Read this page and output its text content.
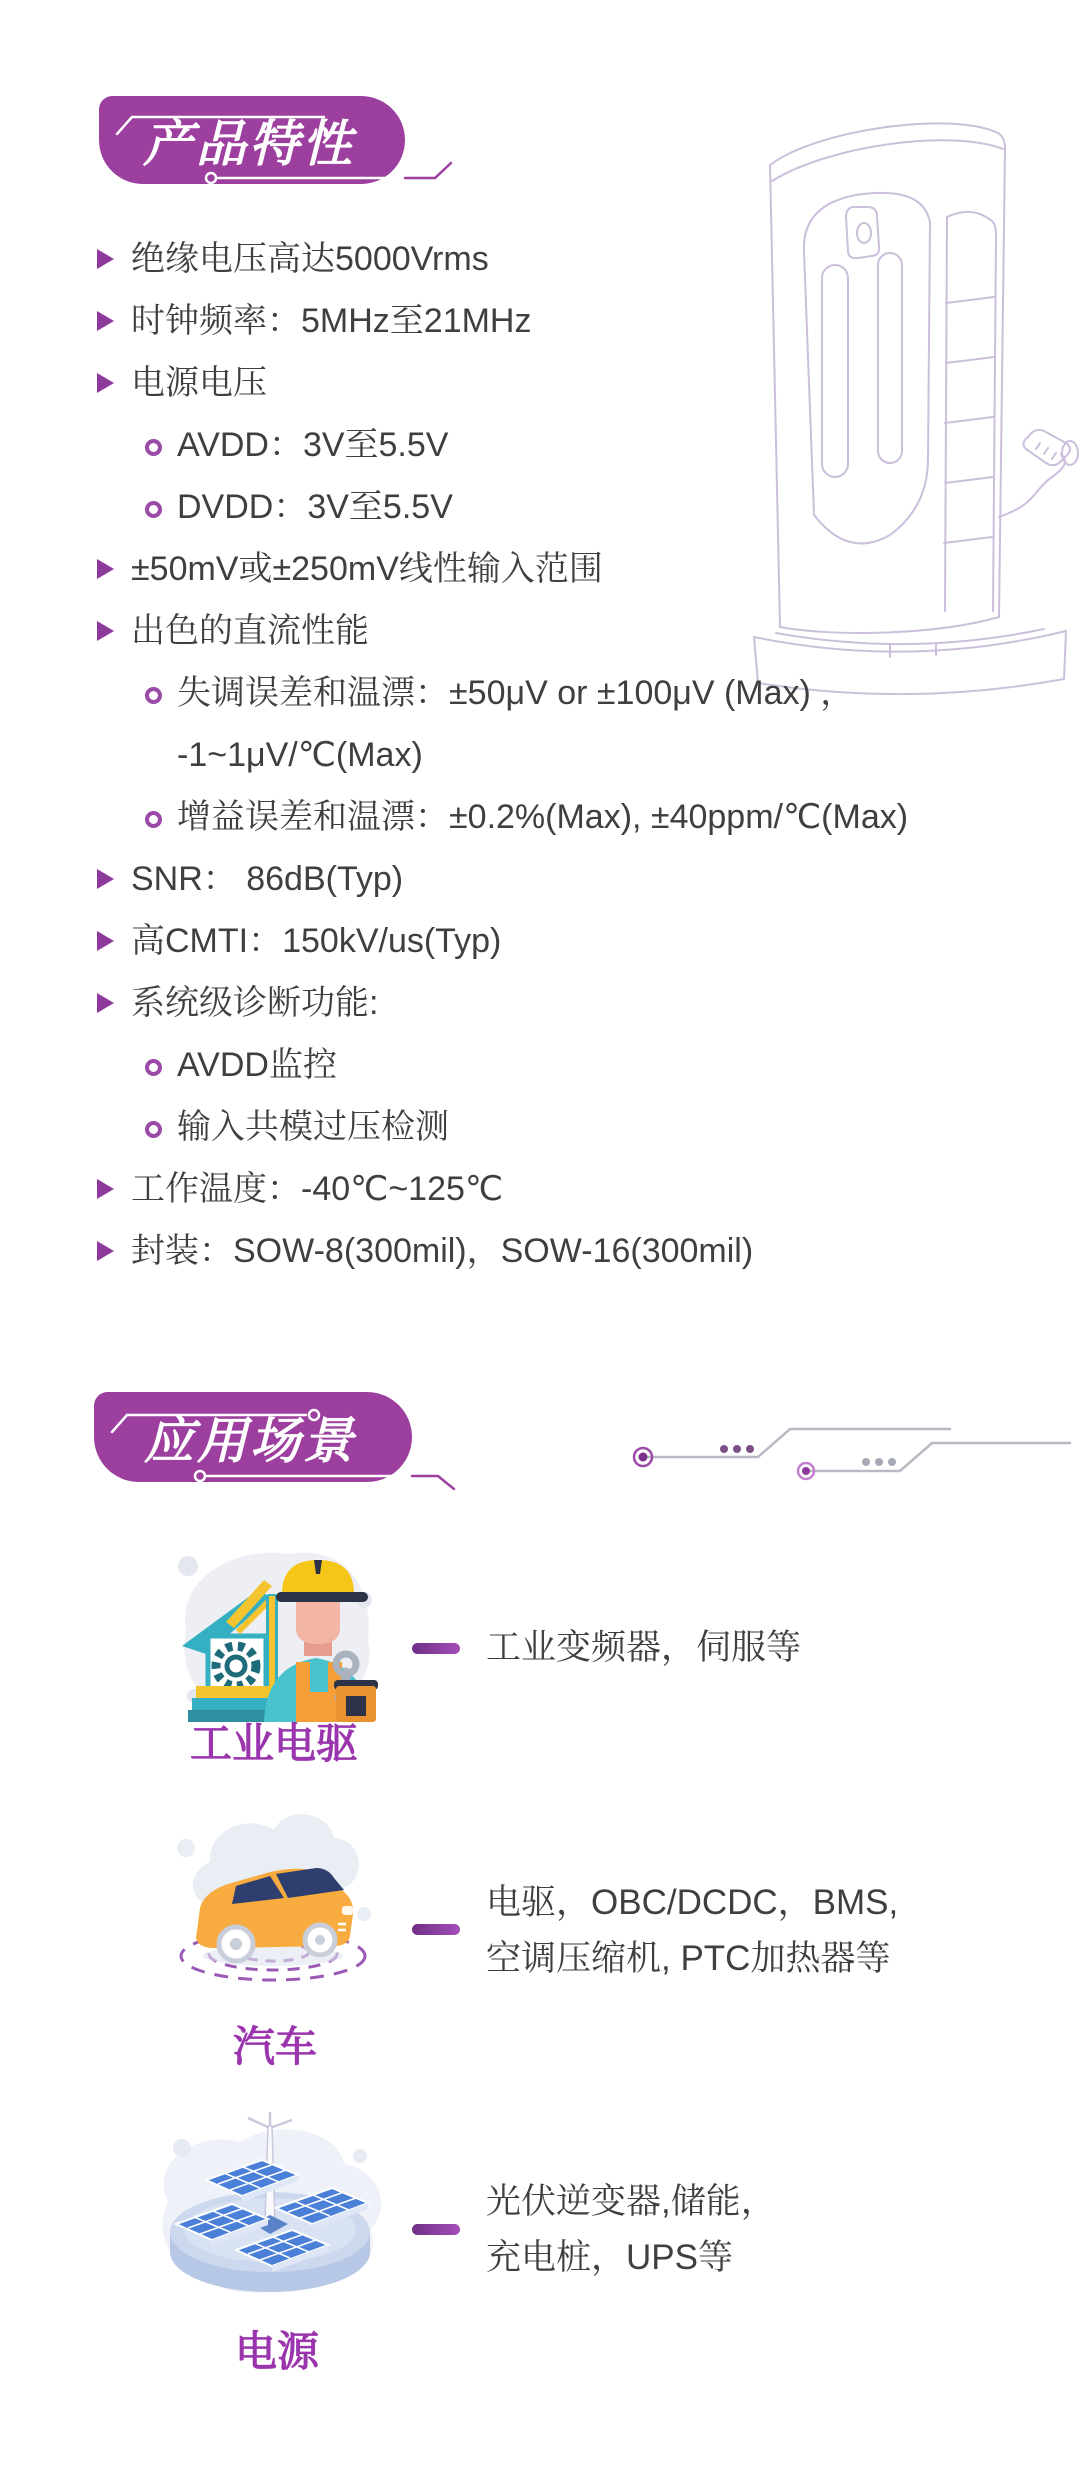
产品特性
绝缘电压高达5000Vrms
时钟频率：5MHz至21MHz
电源电压
AVDD：3V至5.5V
DVDD：3V至5.5V
±50mV或±250mV线性输入范围
出色的直流性能
失调误差和温漂：±50μV or ±100μV (Max) ，
-1~1μV/℃(Max)
增益误差和温漂：±0.2%(Max), ±40ppm/℃(Max)
SNR： 86dB(Typ)
高CMTI：150kV/us(Typ)
系统级诊断功能:
AVDD监控
输入共模过压检测
工作温度：-40℃~125℃
封装：SOW-8(300mil)，SOW-16(300mil)
应用场景
工业电驱
工业变频器，伺服等
汽车
电驱，OBC/DCDC，BMS,
空调压缩机, PTC加热器等
电源
光伏逆变器,储能，
充电桩，UPS等
